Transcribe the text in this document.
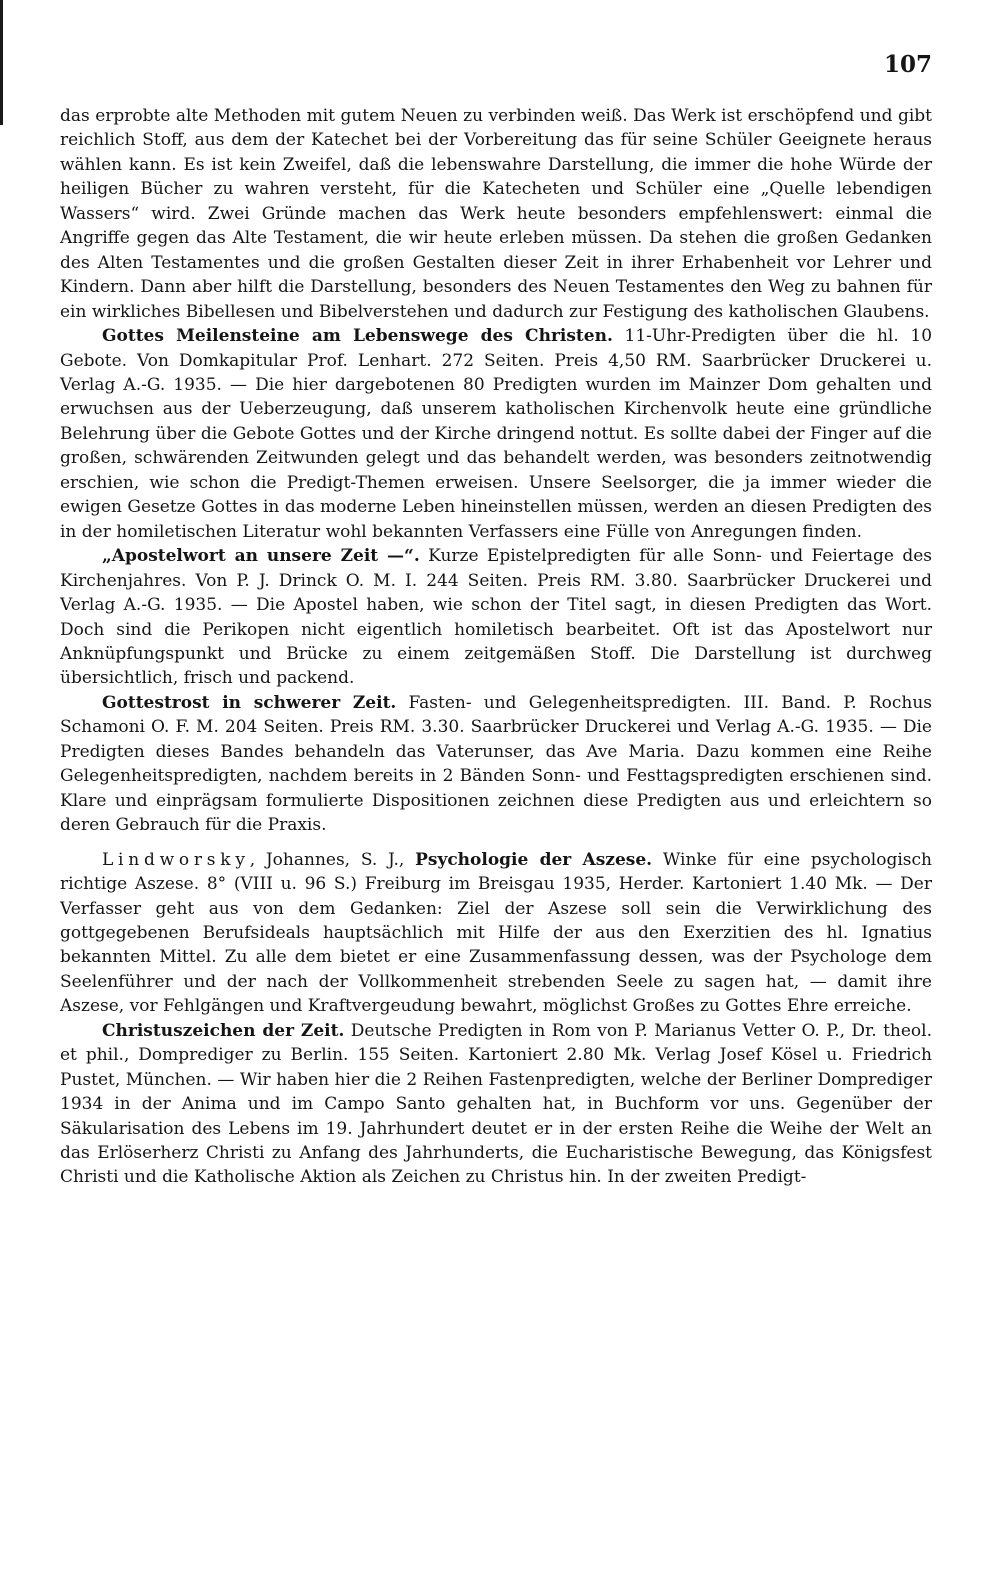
107

das erprobte alte Methoden mit gutem Neuen zu verbinden weiß. Das Werk ist erschöpfend und gibt reichlich Stoff, aus dem der Katechet bei der Vorbereitung das für seine Schüler Geeignete heraus wählen kann. Es ist kein Zweifel, daß die lebenswahre Darstellung, die immer die hohe Würde der heiligen Bücher zu wahren versteht, für die Katecheten und Schüler eine „Quelle lebendigen Wassers“ wird. Zwei Gründe machen das Werk heute besonders empfehlenswert: einmal die Angriffe gegen das Alte Testament, die wir heute erleben müssen. Da stehen die großen Gedanken des Alten Testamentes und die großen Gestalten dieser Zeit in ihrer Erhabenheit vor Lehrer und Kindern. Dann aber hilft die Darstellung, besonders des Neuen Testamentes den Weg zu bahnen für ein wirkliches Bibellesen und Bibelverstehen und dadurch zur Festigung des katholischen Glaubens.

Gottes Meilensteine am Lebenswege des Christen. 11-Uhr-Predigten über die hl. 10 Gebote. Von Domkapitular Prof. Lenhart. 272 Seiten. Preis 4,50 RM. Saarbrücker Druckerei u. Verlag A.-G. 1935. — Die hier dargebotenen 80 Predigten wurden im Mainzer Dom gehalten und erwuchsen aus der Ueberzeugung, daß unserem katholischen Kirchenvolk heute eine gründliche Belehrung über die Gebote Gottes und der Kirche dringend nottut. Es sollte dabei der Finger auf die großen, schwärenden Zeitwunden gelegt und das behandelt werden, was besonders zeitnotwendig erschien, wie schon die Predigt-Themen erweisen. Unsere Seelsorger, die ja immer wieder die ewigen Gesetze Gottes in das moderne Leben hineinstellen müssen, werden an diesen Predigten des in der homiletischen Literatur wohl bekannten Verfassers eine Fülle von Anregungen finden.

„Apostelwort an unsere Zeit —“. Kurze Epistelpredigten für alle Sonn- und Feiertage des Kirchenjahres. Von P. J. Drinck O. M. I. 244 Seiten. Preis RM. 3.80. Saarbrücker Druckerei und Verlag A.-G. 1935. — Die Apostel haben, wie schon der Titel sagt, in diesen Predigten das Wort. Doch sind die Perikopen nicht eigentlich homiletisch bearbeitet. Oft ist das Apostelwort nur Anknüpfungspunkt und Brücke zu einem zeitgemäßen Stoff. Die Darstellung ist durchweg übersichtlich, frisch und packend.

Gottestrost in schwerer Zeit. Fasten- und Gelegenheitspredigten. III. Band. P. Rochus Schamoni O. F. M. 204 Seiten. Preis RM. 3.30. Saarbrücker Druckerei und Verlag A.-G. 1935. — Die Predigten dieses Bandes behandeln das Vaterunser, das Ave Maria. Dazu kommen eine Reihe Gelegenheitspredigten, nachdem bereits in 2 Bänden Sonn- und Festtagspredigten erschienen sind. Klare und einprägsam formulierte Dispositionen zeichnen diese Predigten aus und erleichtern so deren Gebrauch für die Praxis.

Lindworsky, Johannes, S. J., Psychologie der Aszese. Winke für eine psychologisch richtige Aszese. 8° (VIII u. 96 S.) Freiburg im Breisgau 1935, Herder. Kartoniert 1.40 Mk. — Der Verfasser geht aus von dem Gedanken: Ziel der Aszese soll sein die Verwirklichung des gottgegebenen Berufsideals hauptsächlich mit Hilfe der aus den Exerzitien des hl. Ignatius bekannten Mittel. Zu alle dem bietet er eine Zusammenfassung dessen, was der Psychologe dem Seelenführer und der nach der Vollkommenheit strebenden Seele zu sagen hat, — damit ihre Aszese, vor Fehlgängen und Kraftvergeudung bewahrt, möglichst Großes zu Gottes Ehre erreiche.

Christuszeichen der Zeit. Deutsche Predigten in Rom von P. Marianus Vetter O. P., Dr. theol. et phil., Domprediger zu Berlin. 155 Seiten. Kartoniert 2.80 Mk. Verlag Josef Kösel u. Friedrich Pustet, München. — Wir haben hier die 2 Reihen Fastenpredigten, welche der Berliner Domprediger 1934 in der Anima und im Campo Santo gehalten hat, in Buchform vor uns. Gegenüber der Säkularisation des Lebens im 19. Jahrhundert deutet er in der ersten Reihe die Weihe der Welt an das Erlöserherz Christi zu Anfang des Jahrhunderts, die Eucharistische Bewegung, das Königsfest Christi und die Katholische Aktion als Zeichen zu Christus hin. In der zweiten Predigt-
